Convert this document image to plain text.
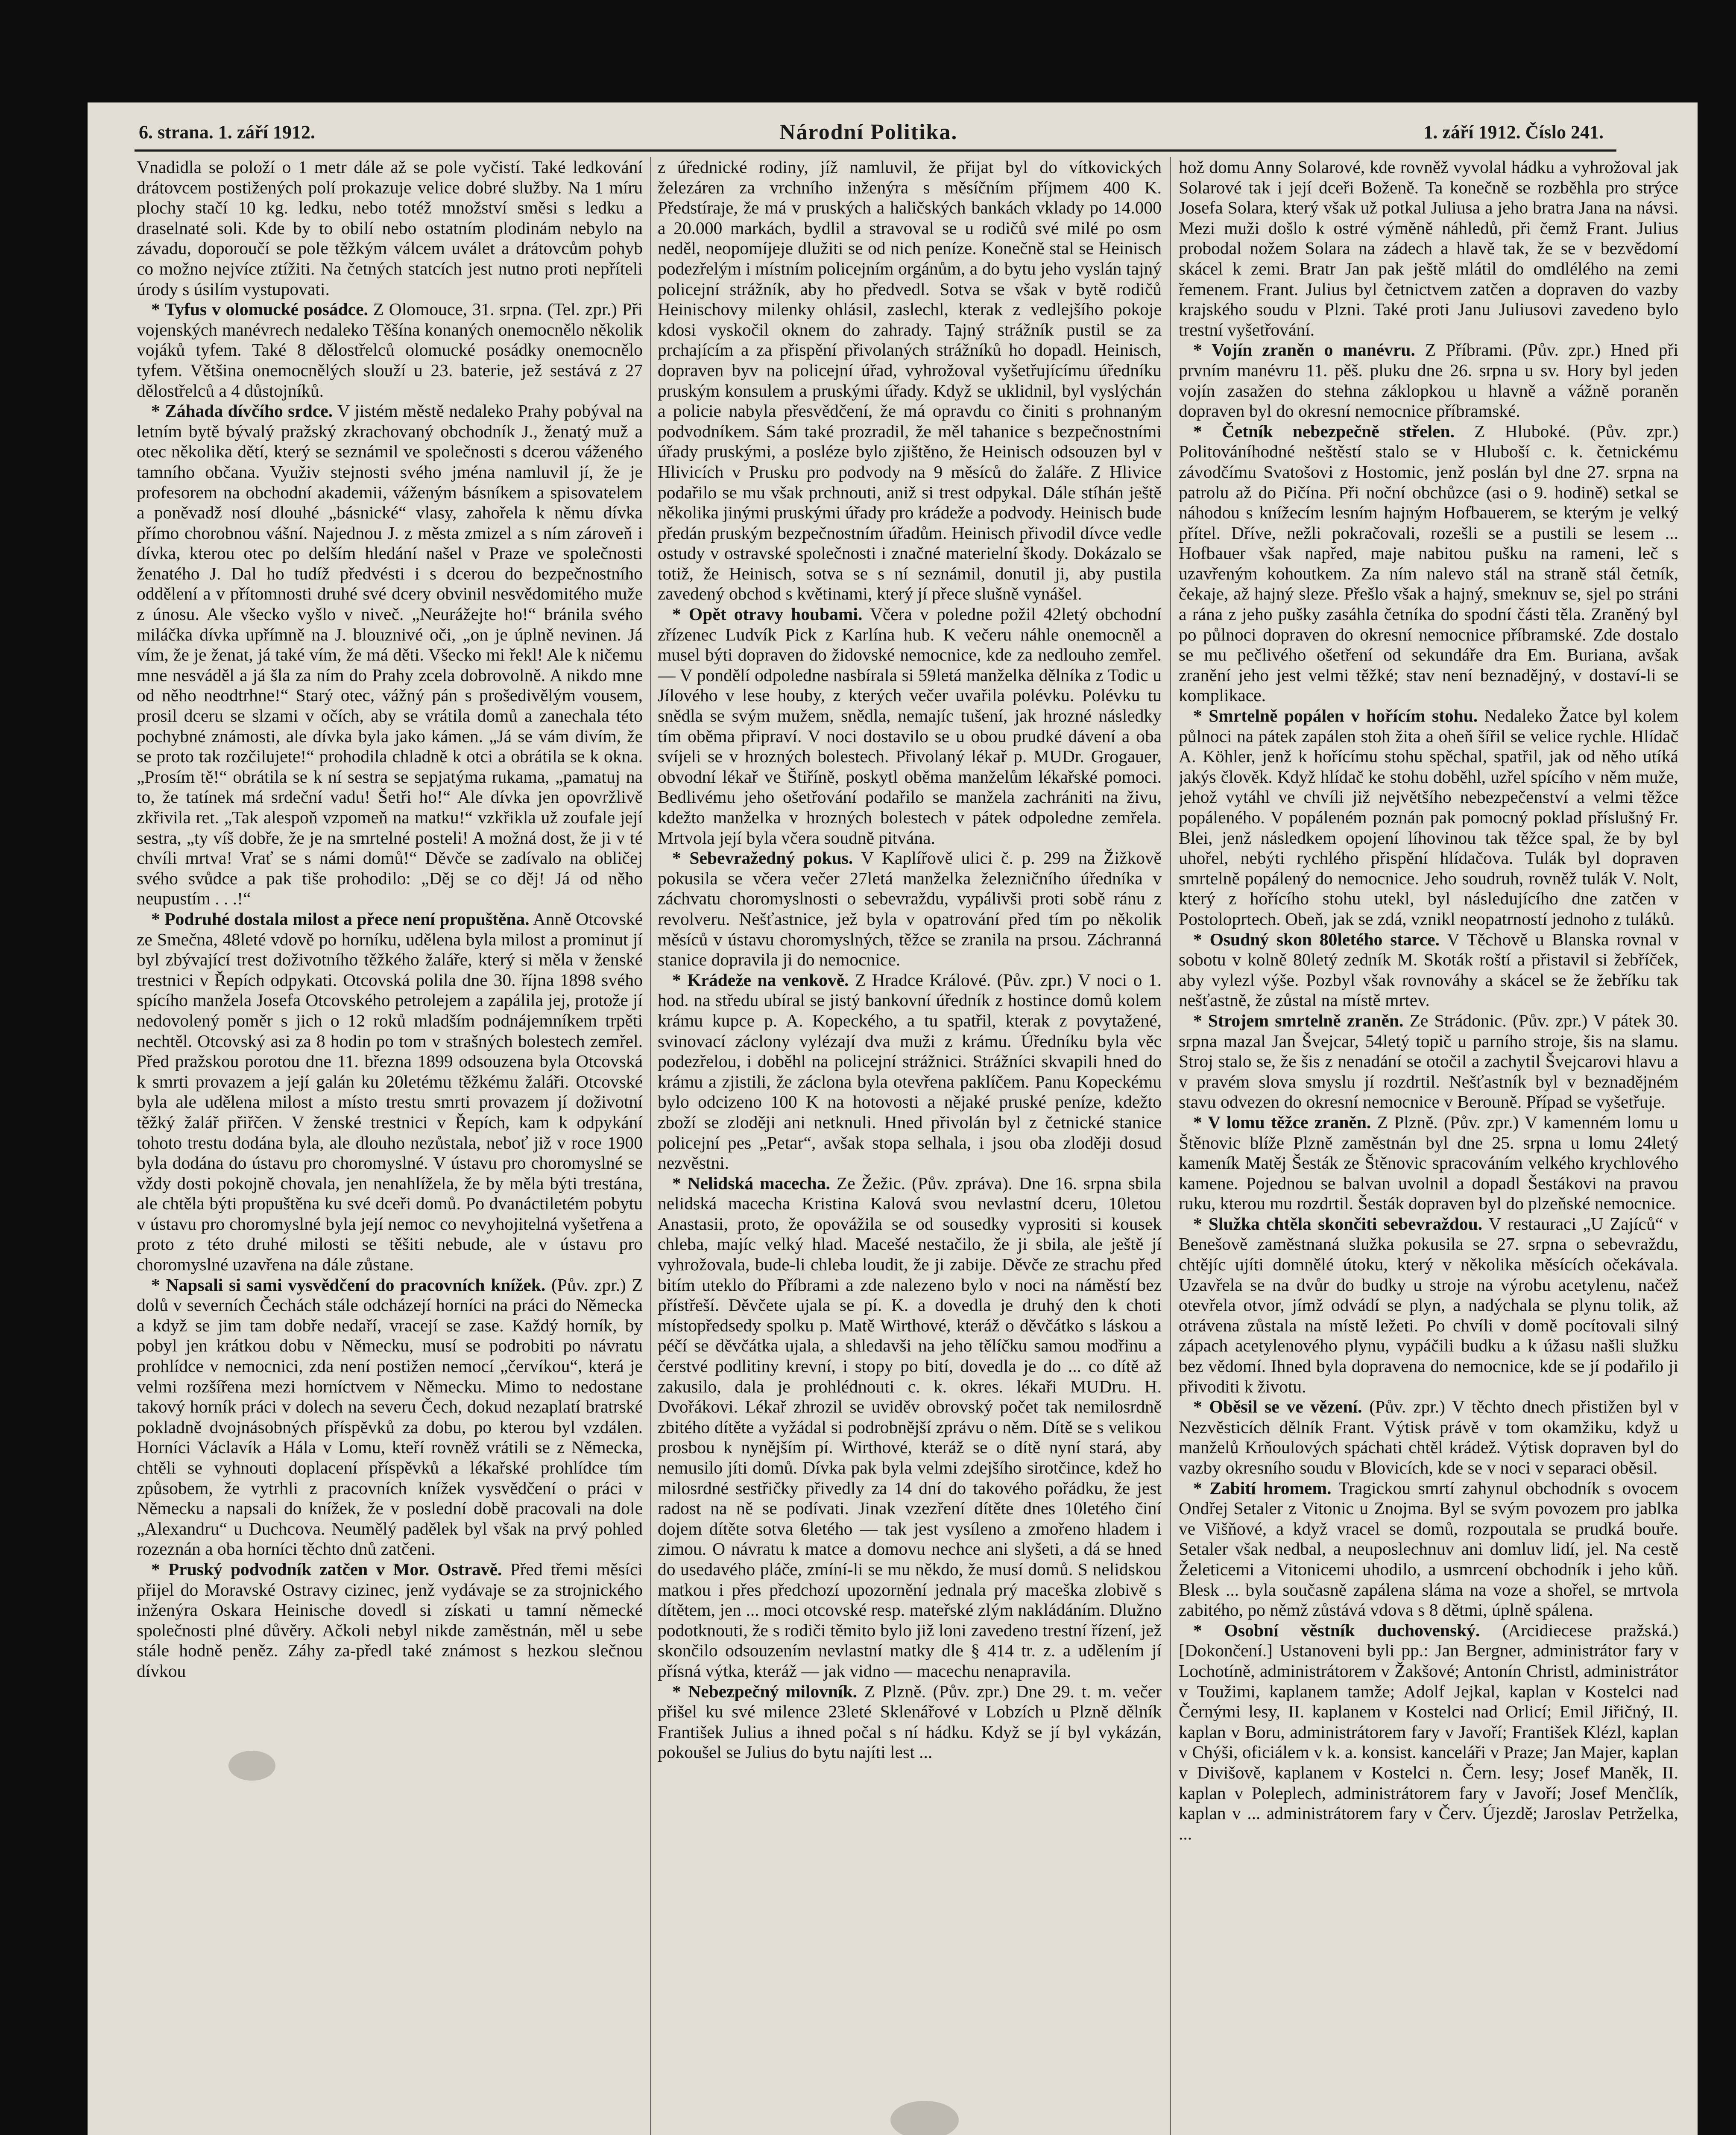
6. strana. 1. září 1912.	Národní Politika.	1. září 1912. Číslo 241.

Vnadidla se položí o 1 metr dále až se pole vyčistí. Také ledkování drátovcem postižených polí prokazuje velice dobré služby. Na 1 míru plochy stačí 10 kg. ledku, nebo totéž množství směsi s ledku a draselnaté soli. Kde by to obilí nebo ostatním plodinám nebylo na závadu, doporoučí se pole těžkým válcem uválet a drátovcům pohyb co možno nejvíce ztížiti. Na četných statcích jest nutno proti nepříteli úrody s úsilím vystupovati.

* Tyfus v olomucké posádce. Z Olomouce, 31. srpna. (Tel. zpr.) Při vojenských manévrech nedaleko Těšína konaných onemocnělo několik vojáků tyfem. Také 8 dělostřelců olomucké posádky onemocnělo tyfem. Většina onemocnělých slouží u 23. baterie, jež sestává z 27 dělostřelců a 4 důstojníků.

* Záhada dívčího srdce. V jistém městě nedaleko Prahy pobýval na letním bytě bývalý pražský zkrachovaný obchodník J., ženatý muž a otec několika dětí, který se seznámil ve společnosti s dcerou váženého tamního občana. Využiv stejnosti svého jména namluvil jí, že je profesorem na obchodní akademii, váženým básníkem a spisovatelem a poněvadž nosí dlouhé „básnické“ vlasy, zahořela k němu dívka přímo chorobnou vášní. Najednou J. z města zmizel a s ním zároveň i dívka, kterou otec po delším hledání našel v Praze ve společnosti ženatého J. Dal ho tudíž předvésti i s dcerou do bezpečnostního oddělení a v přítomnosti druhé své dcery obvinil nesvědomitého muže z únosu. Ale všecko vyšlo v niveč. „Neurážejte ho!“ bránila svého miláčka dívka upřímně na J. blouznivé oči, „on je úplně nevinen. Já vím, že je ženat, já také vím, že má děti. Všecko mi řekl! Ale k ničemu mne nesváděl a já šla za ním do Prahy zcela dobrovolně. A nikdo mne od něho neodtrhne!“ Starý otec, vážný pán s prošedivělým vousem, prosil dceru se slzami v očích, aby se vrátila domů a zanechala této pochybné známosti, ale dívka byla jako kámen. „Já se vám divím, že se proto tak rozčilujete!“ prohodila chladně k otci a obrátila se k okna. „Prosím tě!“ obrátila se k ní sestra se sepjatýma rukama, „pamatuj na to, že tatínek má srdeční vadu! Šetři ho!“ Ale dívka jen opovržlivě zkřivila ret. „Tak alespoň vzpomeň na matku!“ vzkřikla už zoufale její sestra, „ty víš dobře, že je na smrtelné posteli! A možná dost, že ji v té chvíli mrtva! Vrať se s námi domů!“ Děvče se zadívalo na obličej svého svůdce a pak tiše prohodilo: „Děj se co děj! Já od něho neupustím . . .!“

* Podruhé dostala milost a přece není propuštěna. Anně Otcovské ze Smečna, 48leté vdově po horníku, udělena byla milost a prominut jí byl zbývající trest doživotního těžkého žaláře, který si měla v ženské trestnici v Řepích odpykati. Otcovská polila dne 30. října 1898 svého spícího manžela Josefa Otcovského petrolejem a zapálila jej, protože jí nedovolený poměr s jich o 12 roků mladším podnájemníkem trpěti nechtěl. Otcovský asi za 8 hodin po tom v strašných bolestech zemřel. Před pražskou porotou dne 11. března 1899 odsouzena byla Otcovská k smrti provazem a její galán ku 20letému těžkému žaláři. Otcovské byla ale udělena milost a místo trestu smrti provazem jí doživotní těžký žalář přiřčen. V ženské trestnici v Řepích, kam k odpykání tohoto trestu dodána byla, ale dlouho nezůstala, neboť již v roce 1900 byla dodána do ústavu pro choromyslné. V ústavu pro choromyslné se vždy dosti pokojně chovala, jen nenahlížela, že by měla býti trestána, ale chtěla býti propuštěna ku své dceři domů. Po dvanáctiletém pobytu v ústavu pro choromyslné byla její nemoc co nevyhojitelná vyšetřena a proto z této druhé milosti se těšiti nebude, ale v ústavu pro choromyslné uzavřena na dále zůstane.

* Napsali si sami vysvědčení do pracovních knížek. (Pův. zpr.) Z dolů v severních Čechách stále odcházejí horníci na práci do Německa a když se jim tam dobře nedaří, vracejí se zase. Každý horník, by pobyl jen krátkou dobu v Německu, musí se podrobiti po návratu prohlídce v nemocnici, zda není postižen nemocí „červíkou“, která je velmi rozšířena mezi horníctvem v Německu. Mimo to nedostane takový horník práci v dolech na severu Čech, dokud nezaplatí bratrské pokladně dvojnásobných příspěvků za dobu, po kterou byl vzdálen. Horníci Václavík a Hála v Lomu, kteří rovněž vrátili se z Německa, chtěli se vyhnouti doplacení příspěvků a lékařské prohlídce tím způsobem, že vytrhli z pracovních knížek vysvědčení o práci v Německu a napsali do knížek, že v poslední době pracovali na dole „Alexandru“ u Duchcova. Neumělý padělek byl však na prvý pohled rozeznán a oba horníci těchto dnů zatčeni.

* Pruský podvodník zatčen v Mor. Ostravě. Před třemi měsíci přijel do Moravské Ostravy cizinec, jenž vydávaje se za strojnického inženýra Oskara Heinische dovedl si získati u tamní německé společnosti plné důvěry. Ačkoli nebyl nikde zaměstnán, měl u sebe stále hodně peněz. Záhy za-předl také známost s hezkou slečnou dívkou

z úřednické rodiny, jíž namluvil, že přijat byl do vítkovických železáren za vrchního inženýra s měsíčním příjmem 400 K. Předstíraje, že má v pruských a haličských bankách vklady po 14.000 a 20.000 markách, bydlil a stravoval se u rodičů své milé po osm neděl, neopomíjeje dlužiti se od nich peníze. Konečně stal se Heinisch podezřelým i místním policejním orgánům, a do bytu jeho vyslán tajný policejní strážník, aby ho předvedl. Sotva se však v bytě rodičů Heinischovy milenky ohlásil, zaslechl, kterak z vedlejšího pokoje kdosi vyskočil oknem do zahrady. Tajný strážník pustil se za prchajícím a za přispění přivolaných strážníků ho dopadl. Heinisch, dopraven byv na policejní úřad, vyhrožoval vyšetřujícímu úředníku pruským konsulem a pruskými úřady. Když se uklidnil, byl vyslýchán a policie nabyla přesvědčení, že má opravdu co činiti s prohnaným podvodníkem. Sám také prozradil, že měl tahanice s bezpečnostními úřady pruskými, a posléze bylo zjištěno, že Heinisch odsouzen byl v Hlivicích v Prusku pro podvody na 9 měsíců do žaláře. Z Hlivice podařilo se mu však prchnouti, aniž si trest odpykal. Dále stíhán ještě několika jinými pruskými úřady pro krádeže a podvody. Heinisch bude předán pruským bezpečnostním úřadům. Heinisch přivodil dívce vedle ostudy v ostravské společnosti i značné materielní škody. Dokázalo se totiž, že Heinisch, sotva se s ní seznámil, donutil ji, aby pustila zavedený obchod s květinami, který jí přece slušně vynášel.

* Opět otravy houbami. Včera v poledne požil 42letý obchodní zřízenec Ludvík Pick z Karlína hub. K večeru náhle onemocněl a musel býti dopraven do židovské nemocnice, kde za nedlouho zemřel. — V pondělí odpoledne nasbírala si 59letá manželka dělníka z Todic u Jílového v lese houby, z kterých večer uvařila polévku. Polévku tu snědla se svým mužem, snědla, nemajíc tušení, jak hrozné následky tím oběma připraví. V noci dostavilo se u obou prudké dávení a oba svíjeli se v hrozných bolestech. Přivolaný lékař p. MUDr. Grogauer, obvodní lékař ve Štiříně, poskytl oběma manželům lékařské pomoci. Bedlivému jeho ošetřování podařilo se manžela zachrániti na živu, kdežto manželka v hrozných bolestech v pátek odpoledne zemřela. Mrtvola její byla včera soudně pitvána.

* Sebevražedný pokus. V Kaplířově ulici č. p. 299 na Žižkově pokusila se včera večer 27letá manželka železničního úředníka v záchvatu choromyslnosti o sebevraždu, vypálivši proti sobě ránu z revolveru. Nešťastnice, jež byla v opatrování před tím po několik měsíců v ústavu choromyslných, těžce se zranila na prsou. Záchranná stanice dopravila ji do nemocnice.

* Krádeže na venkově. Z Hradce Králové. (Pův. zpr.) V noci o 1. hod. na středu ubíral se jistý bankovní úředník z hostince domů kolem krámu kupce p. A. Kopeckého, a tu spatřil, kterak z povytažené, svinovací záclony vylézají dva muži z krámu. Úředníku byla věc podezřelou, i doběhl na policejní strážnici. Strážníci skvapili hned do krámu a zjistili, že záclona byla otevřena paklíčem. Panu Kopeckému bylo odcizeno 100 K na hotovosti a nějaké pruské peníze, kdežto zboží se zloději ani netknuli. Hned přivolán byl z četnické stanice policejní pes „Petar“, avšak stopa selhala, i jsou oba zloději dosud nezvěstni.

* Nelidská macecha. Ze Žežic. (Pův. zpráva). Dne 16. srpna sbila nelidská macecha Kristina Kalová svou nevlastní dceru, 10letou Anastasii, proto, že opovážila se od sousedky vyprositi si kousek chleba, majíc velký hlad. Macešé nestačilo, že ji sbila, ale ještě jí vyhrožovala, bude-li chleba loudit, že ji zabije. Děvče ze strachu před bitím uteklo do Příbrami a zde nalezeno bylo v noci na náměstí bez přístřeší. Děvčete ujala se pí. K. a dovedla je druhý den k choti místopředsedy spolku p. Matě Wirthové, kteráž o děvčátko s láskou a péčí se děvčátka ujala, a shledavši na jeho tělíčku samou modřinu a čerstvé podlitiny krevní, i stopy po bití, dovedla je do ... co dítě až zakusilo, dala je prohlédnouti c. k. okres. lékaři MUDru. H. Dvořákovi. Lékař zhrozil se uviděv obrovský počet tak nemilosrdně zbitého dítěte a vyžádal si podrobnější zprávu o něm. Dítě se s velikou prosbou k nynějším pí. Wirthové, kteráž se o dítě nyní stará, aby nemusilo jíti domů. Dívka pak byla velmi zdejšího sirotčince, kdež ho milosrdné sestřičky přivedly za 14 dní do takového pořádku, že jest radost na ně se podívati. Jinak vzezření dítěte dnes 10letého činí dojem dítěte sotva 6letého — tak jest vysíleno a zmořeno hladem i zimou. O návratu k matce a domovu nechce ani slyšeti, a dá se hned do usedavého pláče, zmíní-li se mu někdo, že musí domů. S nelidskou matkou i přes předchozí upozornění jednala prý maceška zlobivě s dítětem, jen ... moci otcovské resp. mateřské zlým nakládáním. Dlužno podotknouti, že s rodiči těmito bylo již loni zavedeno trestní řízení, jež skončilo odsouzením nevlastní matky dle § 414 tr. z. a udělením jí přísná výtka, kteráž — jak vidno — macechu nenapravila.

* Nebezpečný milovník. Z Plzně. (Pův. zpr.) Dne 29. t. m. večer přišel ku své milence 23leté Sklenářové v Lobzích u Plzně dělník František Julius a ihned počal s ní hádku. Když se jí byl vykázán, pokoušel se Julius do bytu najíti lest ...

hož domu Anny Solarové, kde rovněž vyvolal hádku a vyhrožoval jak Solarové tak i její dceři Boženě. Ta konečně se rozběhla pro strýce Josefa Solara, který však už potkal Juliusa a jeho bratra Jana na návsi. Mezi muži došlo k ostré výměně náhledů, při čemž Frant. Julius probodal nožem Solara na zádech a hlavě tak, že se v bezvědomí skácel k zemi. Bratr Jan pak ještě mlátil do omdlélého na zemi řemenem. Frant. Julius byl četnictvem zatčen a dopraven do vazby krajského soudu v Plzni. Také proti Janu Juliusovi zavedeno bylo trestní vyšetřování.

* Vojín zraněn o manévru. Z Příbrami. (Pův. zpr.) Hned při prvním manévru 11. pěš. pluku dne 26. srpna u sv. Hory byl jeden vojín zasažen do stehna záklopkou u hlavně a vážně poraněn dopraven byl do okresní nemocnice příbramské.

* Četník nebezpečně střelen. Z Hluboké. (Pův. zpr.) Politováníhodné neštěstí stalo se v Hluboší c. k. četnickému závodčímu Svatošovi z Hostomic, jenž poslán byl dne 27. srpna na patrolu až do Pičína. Při noční obchůzce (asi o 9. hodině) setkal se náhodou s knížecím lesním hajným Hofbauerem, se kterým je velký přítel. Dříve, nežli pokračovali, rozešli se a pustili se lesem ... Hofbauer však napřed, maje nabitou pušku na rameni, leč s uzavřeným kohoutkem. Za ním nalevo stál na straně stál četník, čekaje, až hajný sleze. Přešlo však a hajný, smeknuv se, sjel po stráni a rána z jeho pušky zasáhla četníka do spodní části těla. Zraněný byl po půlnoci dopraven do okresní nemocnice příbramské. Zde dostalo se mu pečlivého ošetření od sekundáře dra Em. Buriana, avšak zranění jeho jest velmi těžké; stav není beznadějný, v dostaví-li se komplikace.

* Smrtelně popálen v hořícím stohu. Nedaleko Žatce byl kolem půlnoci na pátek zapálen stoh žita a oheň šířil se velice rychle. Hlídač A. Köhler, jenž k hořícímu stohu spěchal, spatřil, jak od něho utíká jakýs člověk. Když hlídač ke stohu doběhl, uzřel spícího v něm muže, jehož vytáhl ve chvíli již největšího nebezpečenství a velmi těžce popáleného. V popáleném poznán pak pomocný poklad příslušný Fr. Blei, jenž následkem opojení líhovinou tak těžce spal, že by byl uhořel, nebýti rychlého přispění hlídačova. Tulák byl dopraven smrtelně popálený do nemocnice. Jeho soudruh, rovněž tulák V. Nolt, který z hořícího stohu utekl, byl následujícího dne zatčen v Postoloprtech. Obeň, jak se zdá, vznikl neopatrností jednoho z tuláků.

* Osudný skon 80letého starce. V Těchově u Blanska rovnal v sobotu v kolně 80letý zedník M. Skoták roští a přistavil si žebříček, aby vylezl výše. Pozbyl však rovnováhy a skácel se že žebříku tak nešťastně, že zůstal na místě mrtev.

* Strojem smrtelně zraněn. Ze Strádonic. (Pův. zpr.) V pátek 30. srpna mazal Jan Švejcar, 54letý topič u parního stroje, šis na slamu. Stroj stalo se, že šis z nenadání se otočil a zachytil Švejcarovi hlavu a v pravém slova smyslu jí rozdrtil. Nešťastník byl v beznadějném stavu odvezen do okresní nemocnice v Berouně. Případ se vyšetřuje.

* V lomu těžce zraněn. Z Plzně. (Pův. zpr.) V kamenném lomu u Štěnovic blíže Plzně zaměstnán byl dne 25. srpna u lomu 24letý kameník Matěj Šesták ze Štěnovic spracováním velkého krychlového kamene. Pojednou se balvan uvolnil a dopadl Šestákovi na pravou ruku, kterou mu rozdrtil. Šesták dopraven byl do plzeňské nemocnice.

* Služka chtěla skončiti sebevraždou. V restauraci „U Zajíců“ v Benešově zaměstnaná služka pokusila se 27. srpna o sebevraždu, chtějíc ujíti domnělé útoku, který v několika měsících očekávala. Uzavřela se na dvůr do budky u stroje na výrobu acetylenu, načež otevřela otvor, jímž odvádí se plyn, a nadýchala se plynu tolik, až otrávena zůstala na místě ležeti. Po chvíli v domě pocítovali silný zápach acetylenového plynu, vypáčili budku a k úžasu našli služku bez vědomí. Ihned byla dopravena do nemocnice, kde se jí podařilo ji přivoditi k životu.

* Oběsil se ve vězení. (Pův. zpr.) V těchto dnech přistižen byl v Nezvěsticích dělník Frant. Výtisk právě v tom okamžiku, když u manželů Krňoulových spáchati chtěl krádež. Výtisk dopraven byl do vazby okresního soudu v Blovicích, kde se v noci v separaci oběsil.

* Zabití hromem. Tragickou smrtí zahynul obchodník s ovocem Ondřej Setaler z Vitonic u Znojma. Byl se svým povozem pro jablka ve Višňové, a když vracel se domů, rozpoutala se prudká bouře. Setaler však nedbal, a neuposlechnuv ani domluv lidí, jel. Na cestě Želeticemi a Vitonicemi uhodilo, a usmrcení obchodník i jeho kůň. Blesk ... byla současně zapálena sláma na voze a shořel, se mrtvola zabitého, po němž zůstává vdova s 8 dětmi, úplně spálena.

* Osobní věstník duchovenský. (Arcidiecese pražská.) [Dokončení.] Ustanoveni byli pp.: Jan Bergner, administrátor fary v Lochotíně, administrátorem v Žakšové; Antonín Christl, administrátor v Toužimi, kaplanem tamže; Adolf Jejkal, kaplan v Kostelci nad Černými lesy, II. kaplanem v Kostelci nad Orlicí; Emil Jiřičný, II. kaplan v Boru, administrátorem fary v Javoří; František Klézl, kaplan v Chýši, oficiálem v k. a. konsist. kanceláři v Praze; Jan Majer, kaplan v Divišově, kaplanem v Kostelci n. Čern. lesy; Josef Maněk, II. kaplan v Poleplech, administrátorem fary v Javoří; Josef Menčlík, kaplan v ... administrátorem fary v Červ. Újezdě; Jaroslav Petrželka, ...
